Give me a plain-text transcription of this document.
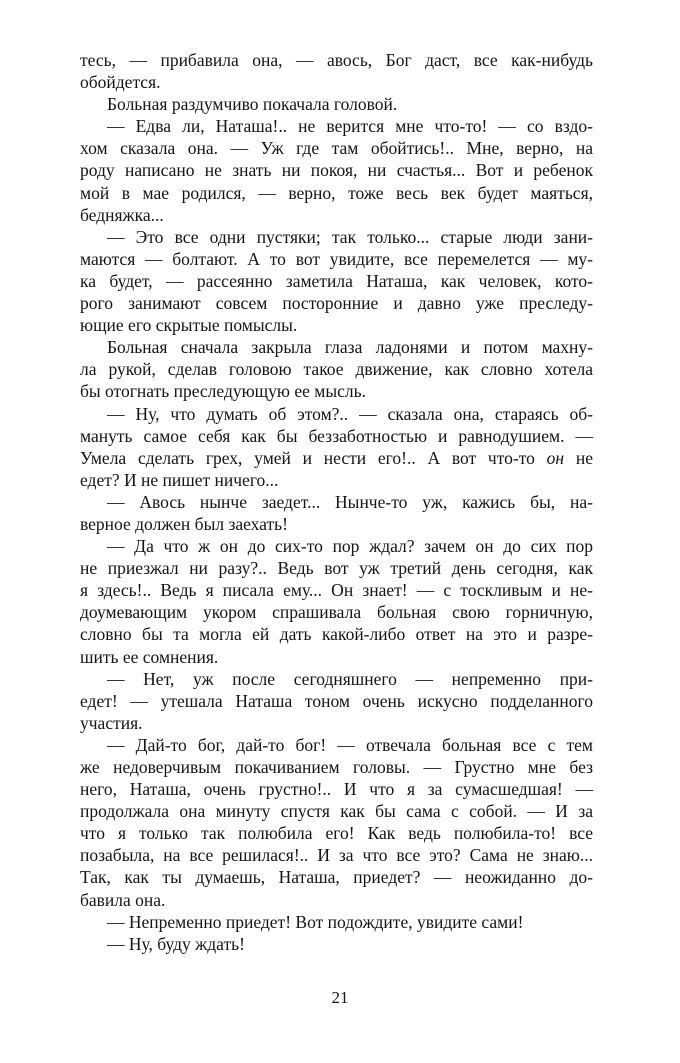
тесь, — прибавила она, — авось, Бог даст, все как-нибудь
обойдется.
Больная раздумчиво покачала головой.
— Едва ли, Наташа!.. не верится мне что-то! — со вздо-
хом сказала она. — Уж где там обойтись!.. Мне, верно, на
роду написано не знать ни покоя, ни счастья... Вот и ребенок
мой в мае родился, — верно, тоже весь век будет маяться,
бедняжка...
— Это все одни пустяки; так только... старые люди зани-
маются — болтают. А то вот увидите, все перемелется — му-
ка будет, — рассеянно заметила Наташа, как человек, кото-
рого занимают совсем посторонние и давно уже преследу-
ющие его скрытые помыслы.
Больная сначала закрыла глаза ладонями и потом махну-
ла рукой, сделав головою такое движение, как словно хотела
бы отогнать преследующую ее мысль.
— Ну, что думать об этом?.. — сказала она, стараясь об-
мануть самое себя как бы беззаботностью и равнодушием. —
Умела сделать грех, умей и нести его!.. А вот что-то он не
едет? И не пишет ничего...
— Авось нынче заедет... Нынче-то уж, кажись бы, на-
верное должен был заехать!
— Да что ж он до сих-то пор ждал? зачем он до сих пор
не приезжал ни разу?.. Ведь вот уж третий день сегодня, как
я здесь!.. Ведь я писала ему... Он знает! — с тоскливым и не-
доумевающим укором спрашивала больная свою горничную,
словно бы та могла ей дать какой-либо ответ на это и разре-
шить ее сомнения.
— Нет, уж после сегодняшнего — непременно при-
едет! — утешала Наташа тоном очень искусно подделанного
участия.
— Дай-то бог, дай-то бог! — отвечала больная все с тем
же недоверчивым покачиванием головы. — Грустно мне без
него, Наташа, очень грустно!.. И что я за сумасшедшая! —
продолжала она минуту спустя как бы сама с собой. — И за
что я только так полюбила его! Как ведь полюбила-то! все
позабыла, на все решилася!.. И за что все это? Сама не знаю...
Так, как ты думаешь, Наташа, приедет? — неожиданно до-
бавила она.
— Непременно приедет! Вот подождите, увидите сами!
— Ну, буду ждать!
21
